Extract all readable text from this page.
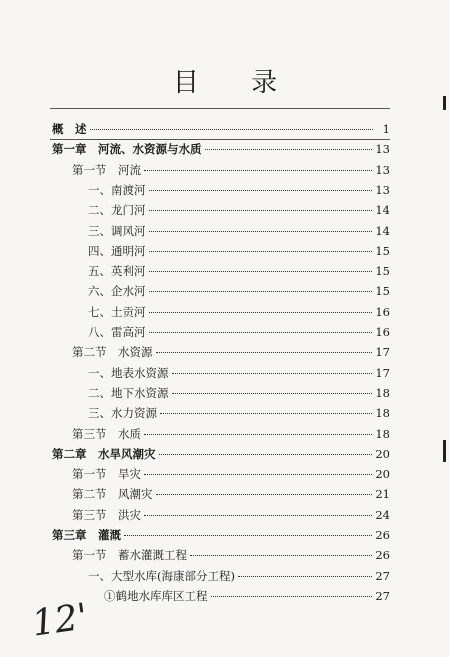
目 录
概　述	1
第一章　河流、水资源与水质	13
第一节　河流	13
一、南渡河	13
二、龙门河	14
三、调风河	14
四、通明河	15
五、英利河	15
六、企水河	15
七、土贡河	16
八、雷高河	16
第二节　水资源	17
一、地表水资源	17
二、地下水资源	18
三、水力资源	18
第三节　水质	18
第二章　水旱风潮灾	20
第一节　旱灾	20
第二节　风潮灾	21
第三节　洪灾	24
第三章　灌溉	26
第一节　蓄水灌溉工程	26
一、大型水库(海康部分工程)	27
①鹤地水库库区工程	27
12'
